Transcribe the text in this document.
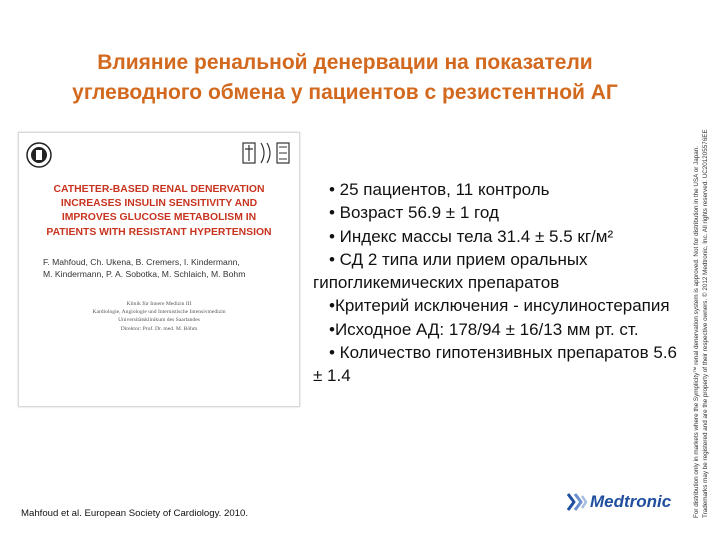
Влияние ренальной денервации на показатели
углеводного обмена у пациентов с резистентной АГ
CATHETER-BASED RENAL DENERVATION
INCREASES INSULIN SENSITIVITY AND
IMPROVES GLUCOSE METABOLISM IN
PATIENTS WITH RESISTANT HYPERTENSION
F. Mahfoud, Ch. Ukena, B. Cremers, I. Kindermann,
M. Kindermann, P. A. Sobotka, M. Schlaich, M. Bohm
Klinik für Innere Medizin III
Kardiologie, Angiologie und Internistische Intensivmedizin
Universitätsklinikum des Saarlandes
Direktor: Prof. Dr. med. M. Böhm
• 25 пациентов, 11 контроль
• Возраст 56.9 ± 1 год
• Индекс массы тела 31.4 ± 5.5 кг/м²
• СД 2 типа или прием оральных гипогликемических препаратов
•Критерий исключения - инсулиностерапия
•Исходное АД: 178/94 ± 16/13 мм рт. ст.
• Количество гипотензивных препаратов 5.6 ± 1.4
Mahfoud et al. European Society of Cardiology. 2010.	For distribution only in markets where the Symplicity™ renal denervation system is approved. Not for distribution in the USA or Japan. Trademarks may be registered and are the property of their respective owners. © 2012 Medtronic, Inc. All rights reserved. UC201205576EE
Medtronic
